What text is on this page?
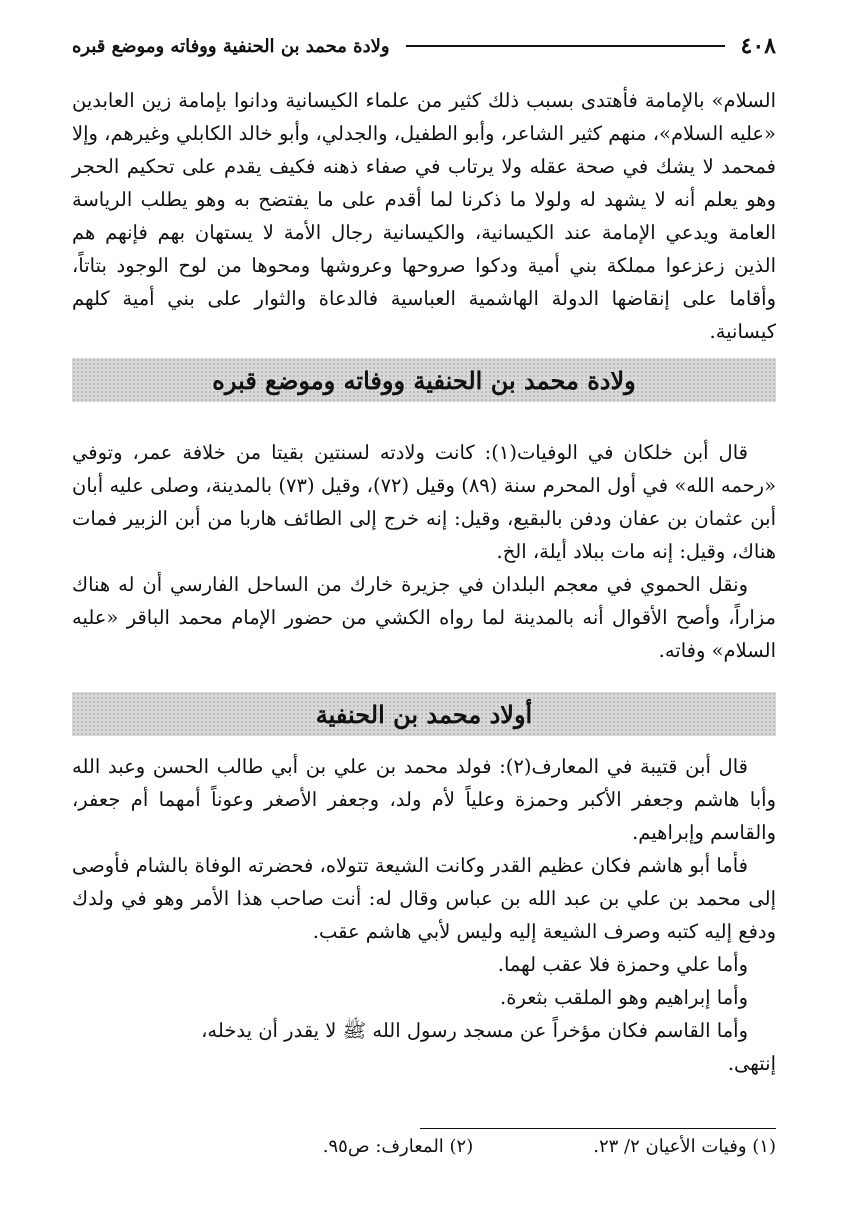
٤٠٨
ولادة محمد بن الحنفية ووفاته وموضع قبره

السلام» بالإمامة فأهتدى بسبب ذلك كثير من علماء الكيسانية ودانوا بإمامة زين العابدين «عليه السلام»، منهم كثير الشاعر، وأبو الطفيل، والجدلي، وأبو خالد الكابلي وغيرهم، وإلا فمحمد لا يشك في صحة عقله ولا يرتاب في صفاء ذهنه فكيف يقدم على تحكيم الحجر وهو يعلم أنه لا يشهد له ولولا ما ذكرنا لما أقدم على ما يفتضح به وهو يطلب الرياسة العامة ويدعي الإمامة عند الكيسانية، والكيسانية رجال الأمة لا يستهان بهم فإنهم هم الذين زعزعوا مملكة بني أمية ودكوا صروحها وعروشها ومحوها من لوح الوجود بتاتاً، وأقاما على إنقاضها الدولة الهاشمية العباسية فالدعاة والثوار على بني أمية كلهم كيسانية.

ولادة محمد بن الحنفية ووفاته وموضع قبره

قال أبن خلكان في الوفيات(١): كانت ولادته لسنتين بقيتا من خلافة عمر، وتوفي «رحمه الله» في أول المحرم سنة (٨٩) وقيل (٧٢)، وقيل (٧٣) بالمدينة، وصلى عليه أبان أبن عثمان بن عفان ودفن بالبقيع، وقيل: إنه خرج إلى الطائف هاربا من أبن الزبير فمات هناك، وقيل: إنه مات ببلاد أيلة، الخ.

ونقل الحموي في معجم البلدان في جزيرة خارك من الساحل الفارسي أن له هناك مزاراً، وأصح الأقوال أنه بالمدينة لما رواه الكشي من حضور الإمام محمد الباقر «عليه السلام» وفاته.

أولاد محمد بن الحنفية

قال أبن قتيبة في المعارف(٢): فولد محمد بن علي بن أبي طالب الحسن وعبد الله وأبا هاشم وجعفر الأكبر وحمزة وعلياً لأم ولد، وجعفر الأصغر وعوناً أمهما أم جعفر، والقاسم وإبراهيم.

فأما أبو هاشم فكان عظيم القدر وكانت الشيعة تتولاه، فحضرته الوفاة بالشام فأوصى إلى محمد بن علي بن عبد الله بن عباس وقال له: أنت صاحب هذا الأمر وهو في ولدك ودفع إليه كتبه وصرف الشيعة إليه وليس لأبي هاشم عقب.

وأما علي وحمزة فلا عقب لهما.

وأما إبراهيم وهو الملقب بثعرة.

وأما القاسم فكان مؤخراً عن مسجد رسول الله ﷺ لا يقدر أن يدخله،

إنتهى.

(١) وفيات الأعيان ٢/ ٢٣.
(٢) المعارف: ص٩٥.
